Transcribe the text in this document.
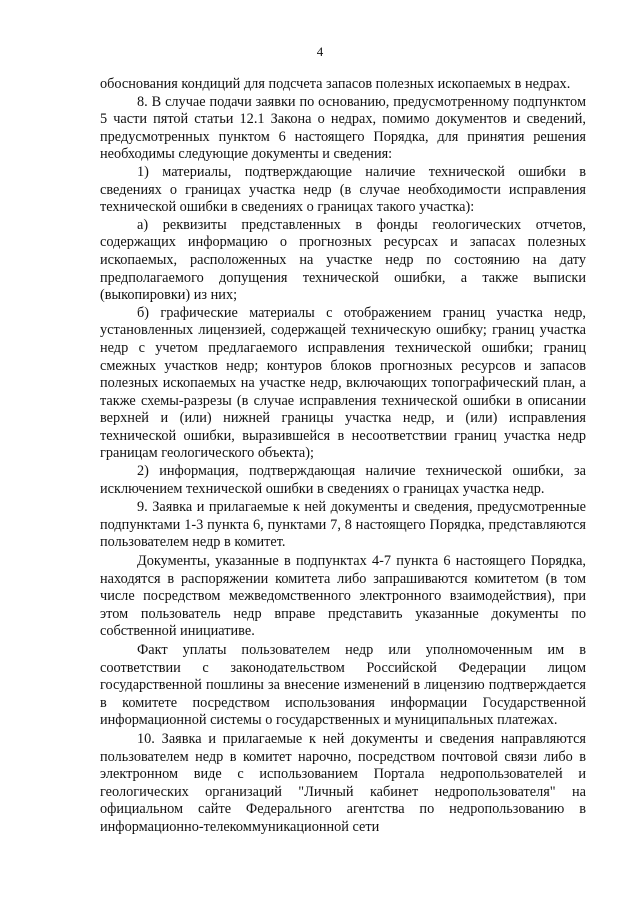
4

обоснования кондиций для подсчета запасов полезных ископаемых в недрах.

8. В случае подачи заявки по основанию, предусмотренному подпунктом 5 части пятой статьи 12.1 Закона о недрах, помимо документов и сведений, предусмотренных пунктом 6 настоящего Порядка, для принятия решения необходимы следующие документы и сведения:

1) материалы, подтверждающие наличие технической ошибки в сведениях о границах участка недр (в случае необходимости исправления технической ошибки в сведениях о границах такого участка):

а) реквизиты представленных в фонды геологических отчетов, содержащих информацию о прогнозных ресурсах и запасах полезных ископаемых, расположенных на участке недр по состоянию на дату предполагаемого допущения технической ошибки, а также выписки (выкопировки) из них;

б) графические материалы с отображением границ участка недр, установленных лицензией, содержащей техническую ошибку; границ участка недр с учетом предлагаемого исправления технической ошибки; границ смежных участков недр; контуров блоков прогнозных ресурсов и запасов полезных ископаемых на участке недр, включающих топографический план, а также схемы-разрезы (в случае исправления технической ошибки в описании верхней и (или) нижней границы участка недр, и (или) исправления технической ошибки, выразившейся в несоответствии границ участка недр границам геологического объекта);

2) информация, подтверждающая наличие технической ошибки, за исключением технической ошибки в сведениях о границах участка недр.

9. Заявка и прилагаемые к ней документы и сведения, предусмотренные подпунктами 1-3 пункта 6, пунктами 7, 8 настоящего Порядка, представляются пользователем недр в комитет.

Документы, указанные в подпунктах 4-7 пункта 6 настоящего Порядка, находятся в распоряжении комитета либо запрашиваются комитетом (в том числе посредством межведомственного электронного взаимодействия), при этом пользователь недр вправе представить указанные документы по собственной инициативе.

Факт уплаты пользователем недр или уполномоченным им в соответствии с законодательством Российской Федерации лицом государственной пошлины за внесение изменений в лицензию подтверждается в комитете посредством использования информации Государственной информационной системы о государственных и муниципальных платежах.

10. Заявка и прилагаемые к ней документы и сведения направляются пользователем недр в комитет нарочно, посредством почтовой связи либо в электронном виде с использованием Портала недропользователей и геологических организаций "Личный кабинет недропользователя" на официальном сайте Федерального агентства по недропользованию в информационно-телекоммуникационной сети
